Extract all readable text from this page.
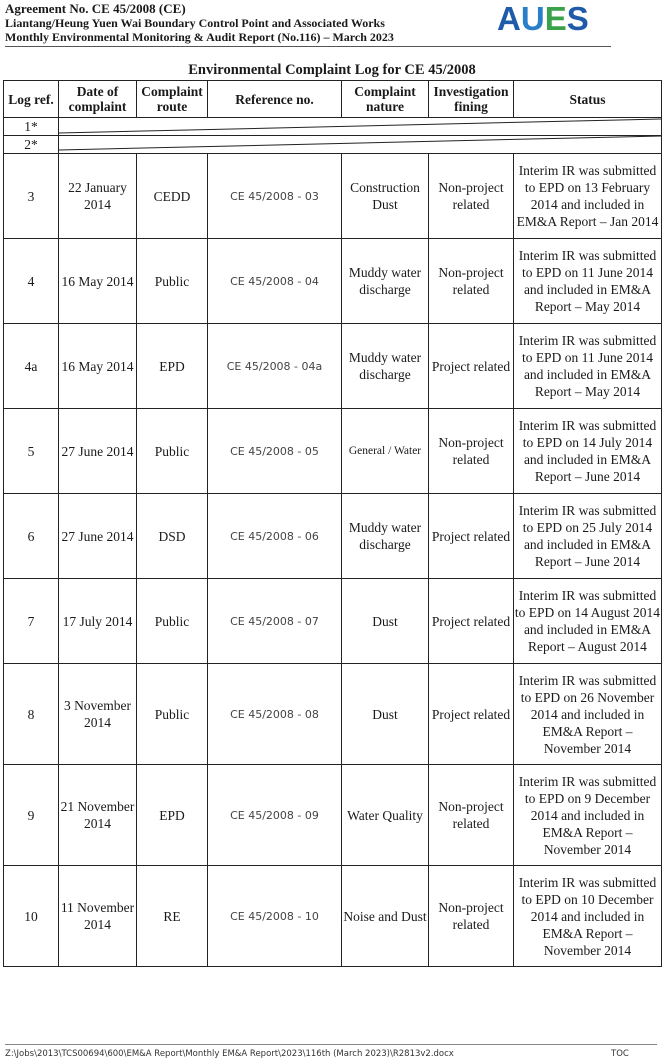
Agreement No. CE 45/2008 (CE)
Liantang/Heung Yuen Wai Boundary Control Point and Associated Works
Monthly Environmental Monitoring & Audit Report (No.116) – March 2023	AUES
Environmental Complaint Log for CE 45/2008
Log ref.	Date of complaint	Complaint route	Reference no.	Complaint nature	Investigation fining	Status
1*						
2*						
3	22 January 2014	CEDD	CE 45/2008 - 03	Construction Dust	Non-project related	Interim IR was submitted to EPD on 13 February 2014 and included in EM&A Report – Jan 2014
4	16 May 2014	Public	CE 45/2008 - 04	Muddy water discharge	Non-project related	Interim IR was submitted to EPD on 11 June 2014 and included in EM&A Report – May 2014
4a	16 May 2014	EPD	CE 45/2008 - 04a	Muddy water discharge	Project related	Interim IR was submitted to EPD on 11 June 2014 and included in EM&A Report – May 2014
5	27 June 2014	Public	CE 45/2008 - 05	General / Water	Non-project related	Interim IR was submitted to EPD on 14 July 2014 and included in EM&A Report – June 2014
6	27 June 2014	DSD	CE 45/2008 - 06	Muddy water discharge	Project related	Interim IR was submitted to EPD on 25 July 2014 and included in EM&A Report – June 2014
7	17 July 2014	Public	CE 45/2008 - 07	Dust	Project related	Interim IR was submitted to EPD on 14 August 2014 and included in EM&A Report – August 2014
8	3 November 2014	Public	CE 45/2008 - 08	Dust	Project related	Interim IR was submitted to EPD on 26 November 2014 and included in EM&A Report – November 2014
9	21 November 2014	EPD	CE 45/2008 - 09	Water Quality	Non-project related	Interim IR was submitted to EPD on 9 December 2014 and included in EM&A Report – November 2014
10	11 November 2014	RE	CE 45/2008 - 10	Noise and Dust	Non-project related	Interim IR was submitted to EPD on 10 December 2014 and included in EM&A Report – November 2014
Z:\Jobs\2013\TCS00694\600\EM&A Report\Monthly EM&A Report\2023\116th (March 2023)\R2813v2.docx	TOC
